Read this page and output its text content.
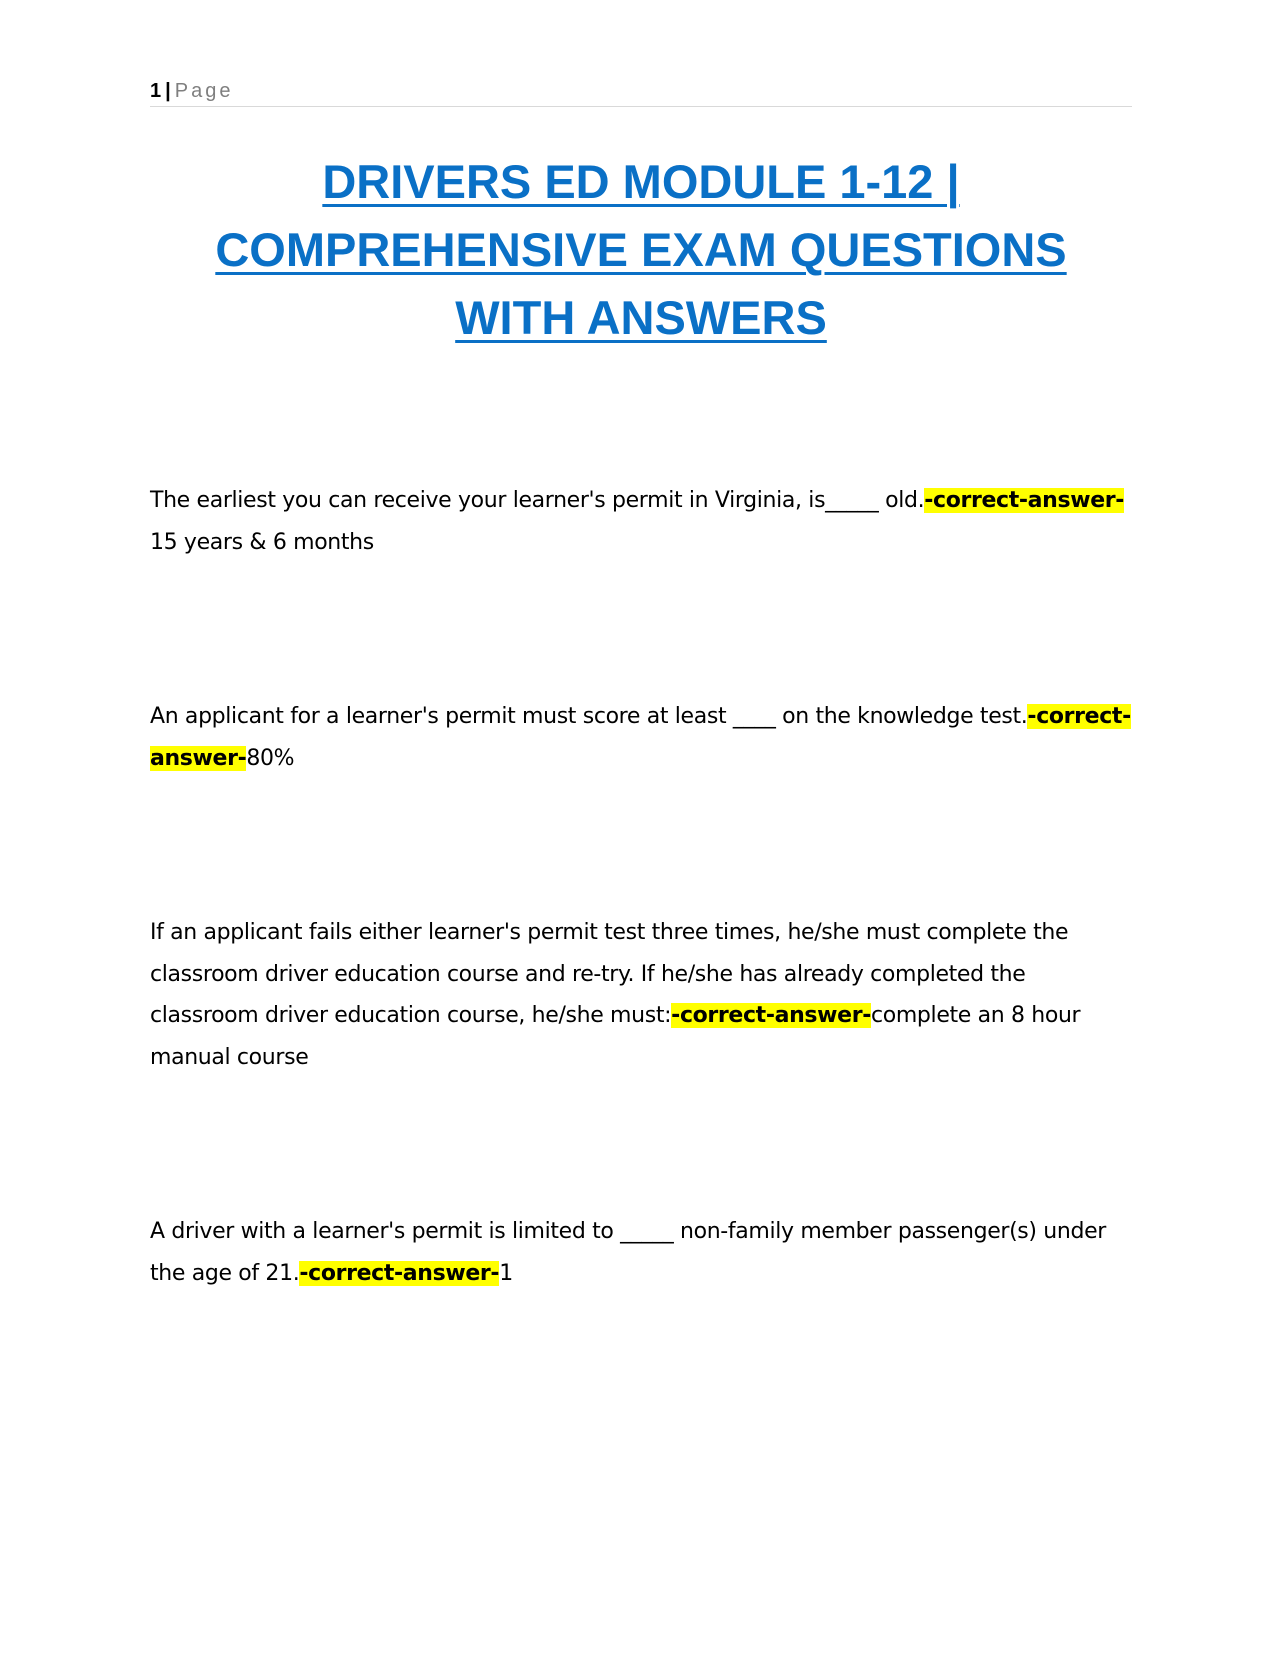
1 | Page
DRIVERS ED MODULE 1-12 |
COMPREHENSIVE EXAM QUESTIONS
WITH ANSWERS

The earliest you can receive your learner's permit in Virginia, is_____ old.-correct-answer-15 years & 6 months

An applicant for a learner's permit must score at least ____ on the knowledge test.-correct-answer-80%

If an applicant fails either learner's permit test three times, he/she must complete the classroom driver education course and re-try. If he/she has already completed the classroom driver education course, he/she must:-correct-answer-complete an 8 hour manual course

A driver with a learner's permit is limited to _____ non-family member passenger(s) under the age of 21.-correct-answer-1
